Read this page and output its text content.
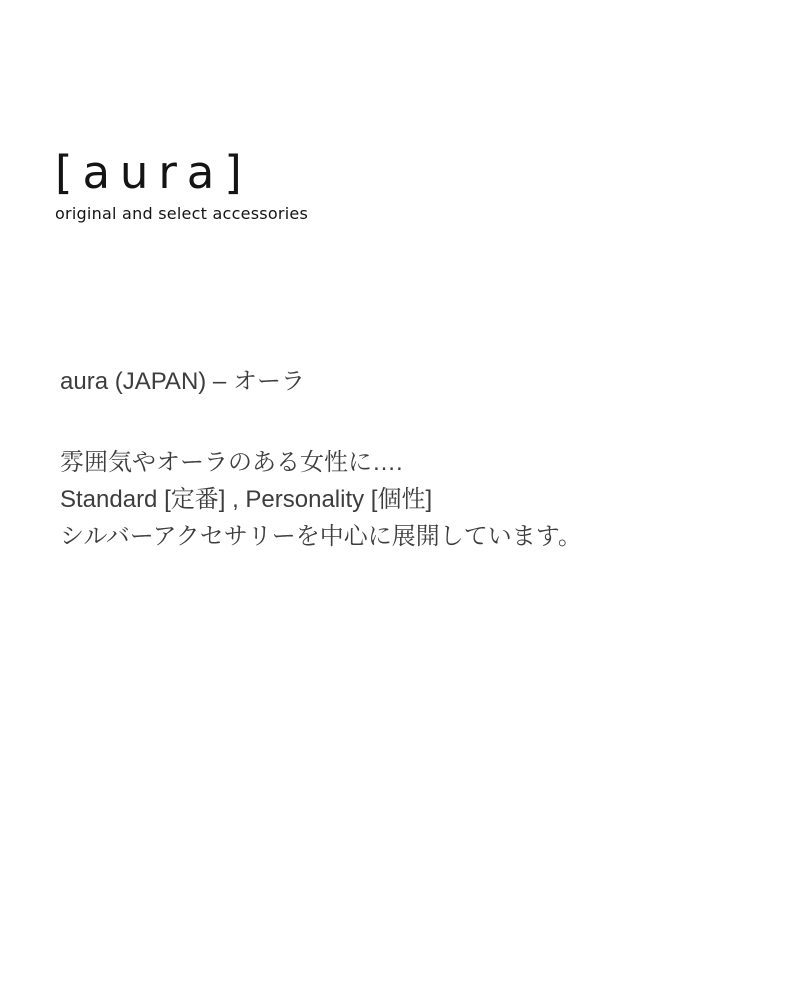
[aura]
original and select accessories
aura (JAPAN) – オーラ
雰囲気やオーラのある女性に….
Standard [定番] , Personality [個性]
シルバーアクセサリーを中心に展開しています。
